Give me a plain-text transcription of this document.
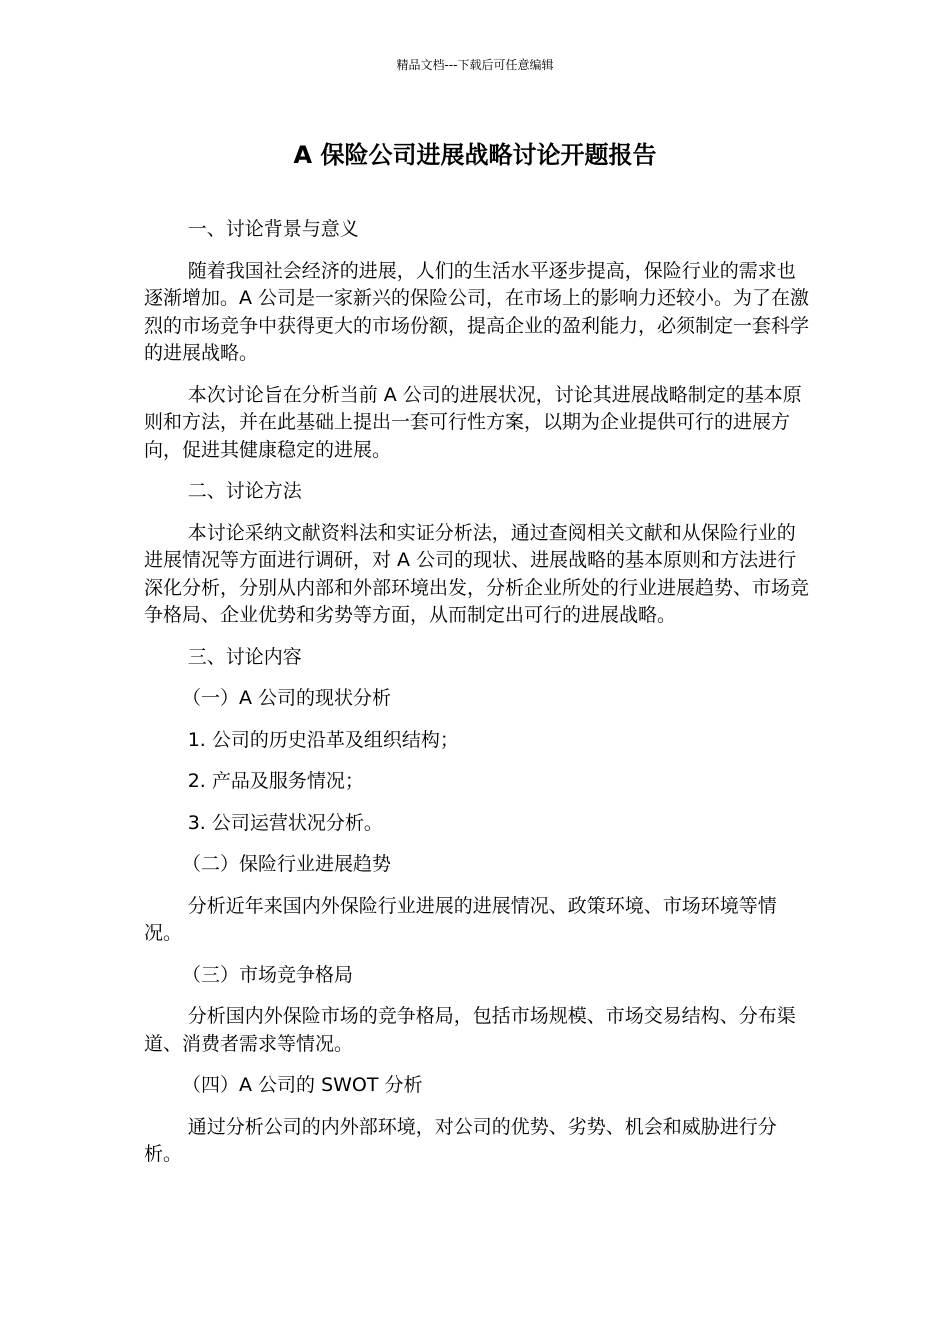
精品文档---下载后可任意编辑
A 保险公司进展战略讨论开题报告

一、讨论背景与意义

随着我国社会经济的进展，人们的生活水平逐步提高，保险行业的需求也逐渐增加。A 公司是一家新兴的保险公司，在市场上的影响力还较小。为了在激烈的市场竞争中获得更大的市场份额，提高企业的盈利能力，必须制定一套科学的进展战略。

本次讨论旨在分析当前 A 公司的进展状况，讨论其进展战略制定的基本原则和方法，并在此基础上提出一套可行性方案，以期为企业提供可行的进展方向，促进其健康稳定的进展。

二、讨论方法

本讨论采纳文献资料法和实证分析法，通过查阅相关文献和从保险行业的进展情况等方面进行调研，对 A 公司的现状、进展战略的基本原则和方法进行深化分析，分别从内部和外部环境出发，分析企业所处的行业进展趋势、市场竞争格局、企业优势和劣势等方面，从而制定出可行的进展战略。

三、讨论内容

（一）A 公司的现状分析

1. 公司的历史沿革及组织结构；

2. 产品及服务情况；

3. 公司运营状况分析。

（二）保险行业进展趋势

分析近年来国内外保险行业进展的进展情况、政策环境、市场环境等情况。

（三）市场竞争格局

分析国内外保险市场的竞争格局，包括市场规模、市场交易结构、分布渠道、消费者需求等情况。

（四）A 公司的 SWOT 分析

通过分析公司的内外部环境，对公司的优势、劣势、机会和威胁进行分析。
